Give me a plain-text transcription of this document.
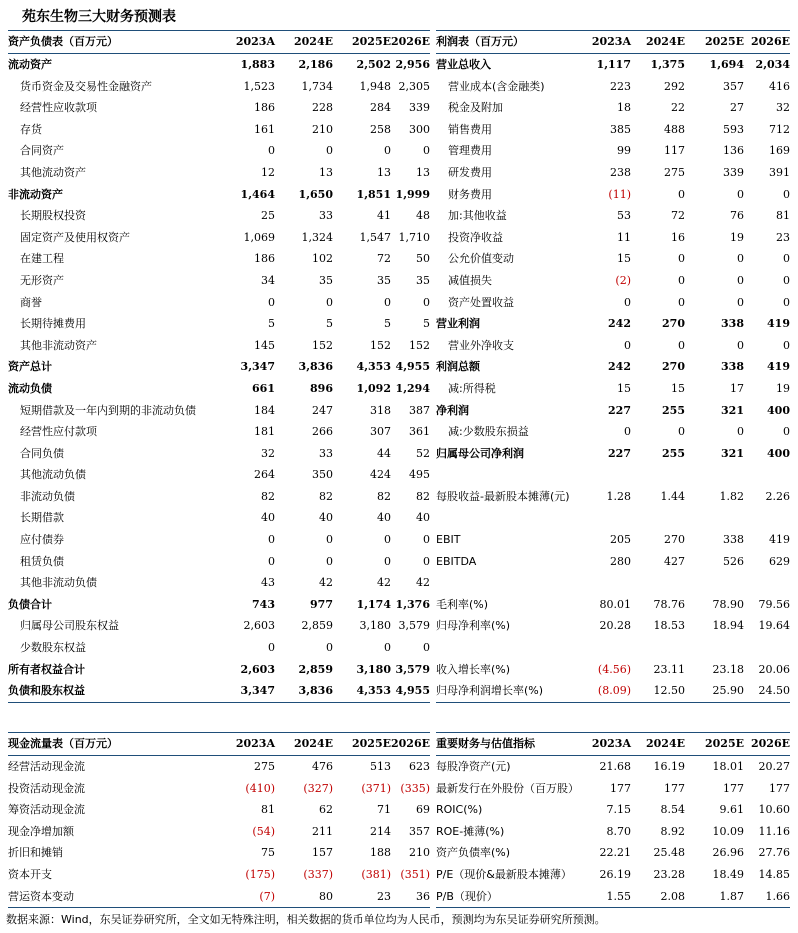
苑东生物三大财务预测表
资产负债表（百万元）	2023A	2024E	2025E 2026E
流动资产	1,883	2,186	2,502 2,956
货币资金及交易性金融资产	1,523	1,734	1,948 2,305
经营性应收款项	186	228	284	339
存货	161	210	258	300
合同资产	0	0	0	0
其他流动资产	12	13	13	13
非流动资产	1,464	1,650	1,851 1,999
长期股权投资	25	33	41	48
固定资产及使用权资产	1,069	1,324	1,547 1,710
在建工程	186	102	72	50
无形资产	34	35	35	35
商誉	0	0	0	0
长期待摊费用	5	5	5	5
其他非流动资产	145	152	152	152
资产总计	3,347	3,836	4,353 4,955
流动负债	661	896	1,092 1,294
短期借款及一年内到期的非流动负债	184	247	318	387
经营性应付款项	181	266	307	361
合同负债	32	33	44	52
其他流动负债	264	350	424	495
非流动负债	82	82	82	82
长期借款	40	40	40	40
应付债券	0	0	0	0
租赁负债	0	0	0	0
其他非流动负债	43	42	42	42
负债合计	743	977	1,174 1,376
归属母公司股东权益	2,603	2,859	3,180 3,579
少数股东权益	0	0	0	0
所有者权益合计	2,603	2,859	3,180 3,579
负债和股东权益	3,347	3,836	4,353 4,955
利润表（百万元）	2023A	2024E	2025E 2026E
营业总收入	1,117	1,375	1,694	2,034
营业成本(含金融类)	223	292	357	416
税金及附加	18	22	27	32
销售费用	385	488	593	712
管理费用	99	117	136	169
研发费用	238	275	339	391
财务费用	(11)	0	0	0
加:其他收益	53	72	76	81
投资净收益	11	16	19	23
公允价值变动	15	0	0	0
减值损失	(2)	0	0	0
资产处置收益	0	0	0	0
营业利润	242	270	338	419
营业外净收支	0	0	0	0
利润总额	242	270	338	419
减:所得税	15	15	17	19
净利润	227	255	321	400
减:少数股东损益	0	0	0	0
归属母公司净利润	227	255	321	400
每股收益-最新股本摊薄(元)	1.28	1.44	1.82	2.26
EBIT	205	270	338	419
EBITDA	280	427	526	629
毛利率(%)	80.01	78.76	78.90	79.56
归母净利率(%)	20.28	18.53	18.94	19.64
收入增长率(%)	(4.56)	23.11	23.18	20.06
归母净利润增长率(%)	(8.09)	12.50	25.90	24.50
现金流量表（百万元）	2023A	2024E	2025E 2026E
经营活动现金流	275	476	513	623
投资活动现金流	(410)	(327)	(371) (335)
筹资活动现金流	81	62	71	69
现金净增加额	(54)	211	214	357
折旧和摊销	75	157	188	210
资本开支	(175)	(337)	(381) (351)
营运资本变动	(7)	80	23	36
重要财务与估值指标	2023A	2024E	2025E 2026E
每股净资产(元)	21.68	16.19	18.01	20.27
最新发行在外股份（百万股）	177	177	177	177
ROIC(%)	7.15	8.54	9.61	10.60
ROE-摊薄(%)	8.70	8.92	10.09	11.16
资产负债率(%)	22.21	25.48	26.96	27.76
P/E（现价&最新股本摊薄）	26.19	23.28	18.49	14.85
P/B（现价）	1.55	2.08	1.87	1.66
数据来源：Wind，东吴证券研究所，全文如无特殊注明，相关数据的货币单位均为人民币，预测均为东吴证券研究所预测。
